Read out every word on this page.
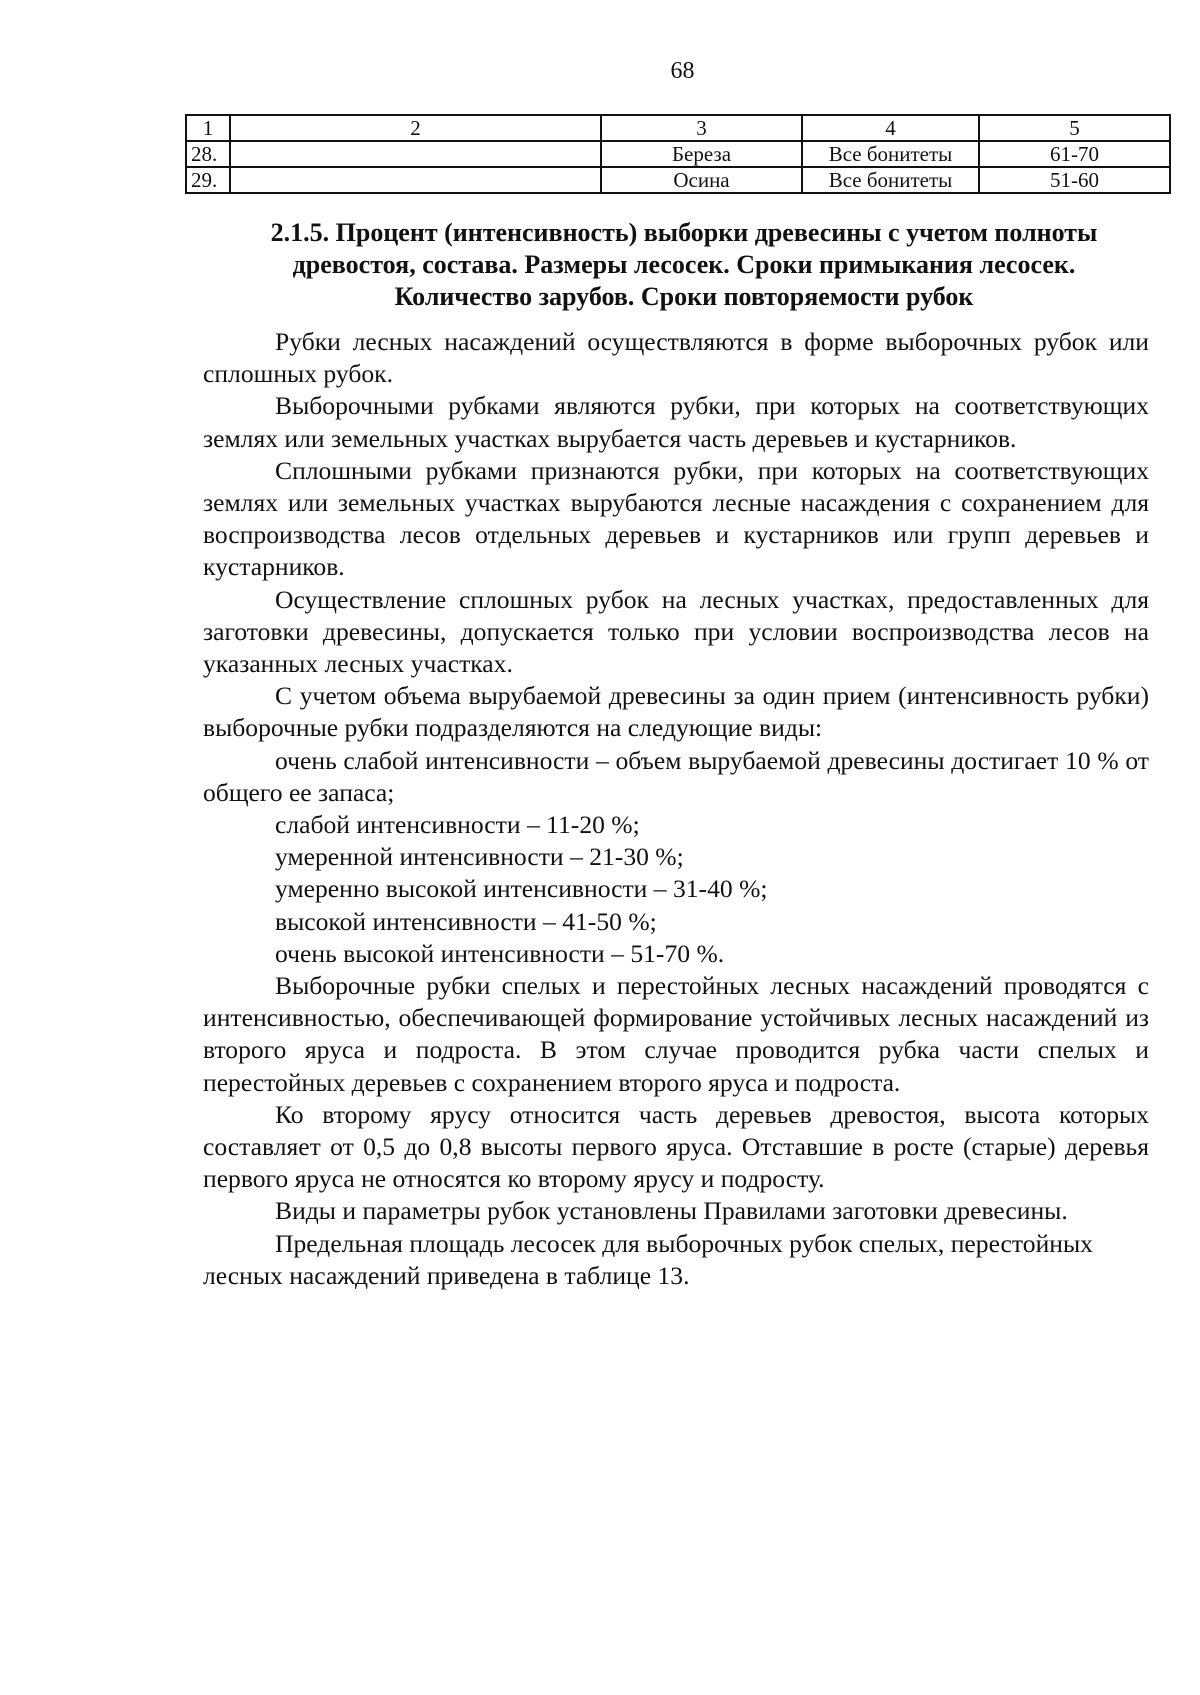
68
1	2	3	4	5
28.		Береза	Все бонитеты	61-70
29.		Осина	Все бонитеты	51-60
2.1.5. Процент (интенсивность) выборки древесины с учетом полноты
древостоя, состава. Размеры лесосек. Сроки примыкания лесосек.
Количество зарубов. Сроки повторяемости рубок

Рубки лесных насаждений осуществляются в форме выборочных рубок или сплошных рубок.

Выборочными рубками являются рубки, при которых на соответствующих землях или земельных участках вырубается часть деревьев и кустарников.

Сплошными рубками признаются рубки, при которых на соответствующих землях или земельных участках вырубаются лесные насаждения с сохранением для воспроизводства лесов отдельных деревьев и кустарников или групп деревьев и кустарников.

Осуществление сплошных рубок на лесных участках, предоставленных для заготовки древесины, допускается только при условии воспроизводства лесов на указанных лесных участках.

С учетом объема вырубаемой древесины за один прием (интенсивность рубки) выборочные рубки подразделяются на следующие виды:

очень слабой интенсивности – объем вырубаемой древесины достигает 10 % от общего ее запаса;

слабой интенсивности – 11-20 %;

умеренной интенсивности – 21-30 %;

умеренно высокой интенсивности – 31-40 %;

высокой интенсивности – 41-50 %;

очень высокой интенсивности – 51-70 %.

Выборочные рубки спелых и перестойных лесных насаждений проводятся с интенсивностью, обеспечивающей формирование устойчивых лесных насаждений из второго яруса и подроста. В этом случае проводится рубка части спелых и перестойных деревьев с сохранением второго яруса и подроста.

Ко второму ярусу относится часть деревьев древостоя, высота которых составляет от 0,5 до 0,8 высоты первого яруса. Отставшие в росте (старые) деревья первого яруса не относятся ко второму ярусу и подросту.

Виды и параметры рубок установлены Правилами заготовки древесины.

Предельная площадь лесосек для выборочных рубок спелых, перестойных лесных насаждений приведена в таблице 13.
